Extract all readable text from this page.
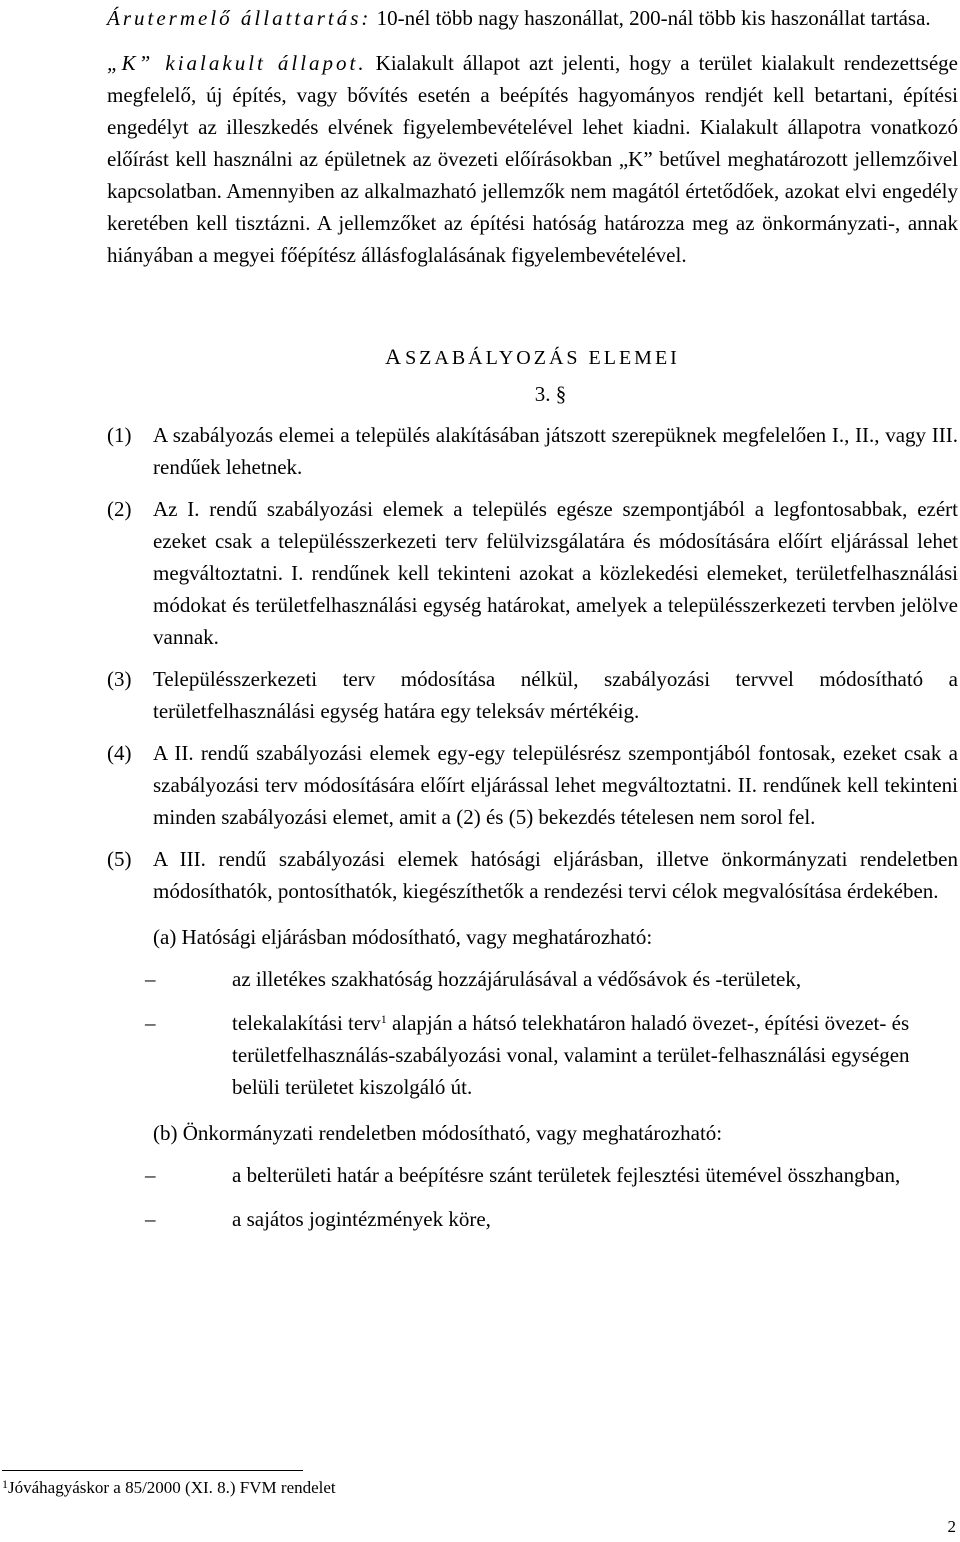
Árutermelő állattartás: 10-nél több nagy haszonállat, 200-nál több kis haszonállat tartása.

„K” kialakult állapot. Kialakult állapot azt jelenti, hogy a terület kialakult rendezettsége megfelelő, új építés, vagy bővítés esetén a beépítés hagyományos rendjét kell betartani, építési engedélyt az illeszkedés elvének figyelembevételével lehet kiadni. Kialakult állapotra vonatkozó előírást kell használni az épületnek az övezeti előírásokban „K” betűvel meghatározott jellemzőivel kapcsolatban. Amennyiben az alkalmazható jellemzők nem magától értetődőek, azokat elvi engedély keretében kell tisztázni. A jellemzőket az építési hatóság határozza meg az önkormányzati-, annak hiányában a megyei főépítész állásfoglalásának figyelembevételével.

A SZABÁLYOZÁS ELEMEI
3. §
(1) A szabályozás elemei a település alakításában játszott szerepüknek megfelelően I., II., vagy III. rendűek lehetnek.

(2) Az I. rendű szabályozási elemek a település egésze szempontjából a legfontosabbak, ezért ezeket csak a településszerkezeti terv felülvizsgálatára és módosítására előírt eljárással lehet megváltoztatni. I. rendűnek kell tekinteni azokat a közlekedési elemeket, területfelhasználási módokat és területfelhasználási egység határokat, amelyek a településszerkezeti tervben jelölve vannak.

(3) Településszerkezeti terv módosítása nélkül, szabályozási tervvel módosítható a területfelhasználási egység határa egy teleksáv mértékéig.

(4) A II. rendű szabályozási elemek egy-egy településrész szempontjából fontosak, ezeket csak a szabályozási terv módosítására előírt eljárással lehet megváltoztatni. II. rendűnek kell tekinteni minden szabályozási elemet, amit a (2) és (5) bekezdés tételesen nem sorol fel.

(5) A III. rendű szabályozási elemek hatósági eljárásban, illetve önkormányzati rendeletben módosíthatók, pontosíthatók, kiegészíthetők a rendezési tervi célok megvalósítása érdekében.

(a) Hatósági eljárásban módosítható, vagy meghatározható:
–	az illetékes szakhatóság hozzájárulásával a védősávok és -területek,

–	telekalakítási terv$^1$ alapján a hátsó telekhatáron haladó övezet-, építési övezet- és területfelhasználás-szabályozási vonal, valamint a terület-felhasználási egységen belüli területet kiszolgáló út.

(b) Önkormányzati rendeletben módosítható, vagy meghatározható:
–	a belterületi határ a beépítésre szánt területek fejlesztési ütemével összhangban,

–	a sajátos jogintézmények köre,

$^1$Jóváhagyáskor a 85/2000 (XI. 8.) FVM rendelet
2
